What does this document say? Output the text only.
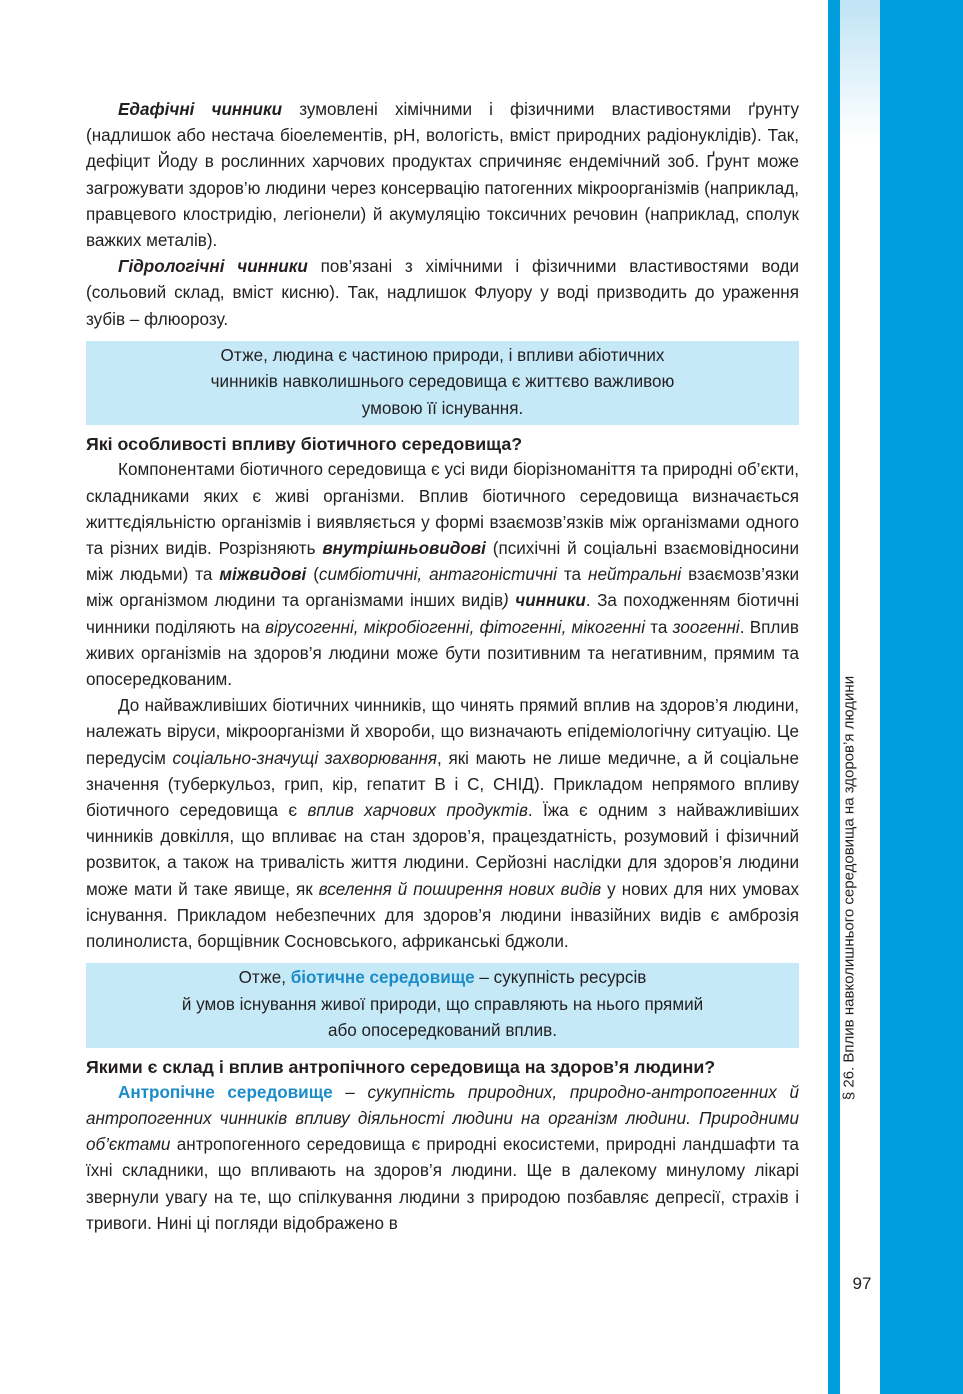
§ 26. Вплив навколишнього середовища на здоров’я людини
97

Едафічні чинники зумовлені хімічними і фізичними властивостями ґрунту (надлишок або нестача біоелементів, pH, вологість, вміст природних радіонуклідів). Так, дефіцит Йоду в рослинних харчових продуктах спричиняє ендемічний зоб. Ґрунт може загрожувати здоров’ю людини через консервацію патогенних мікроорганізмів (наприклад, правцевого клостридію, легіонели) й акумуляцію токсичних речовин (наприклад, сполук важких металів).

Гідрологічні чинники пов’язані з хімічними і фізичними властивостями води (сольовий склад, вміст кисню). Так, надлишок Флуору у воді призводить до ураження зубів – флюорозу.

Отже, людина є частиною природи, і впливи абіотичних
чинників навколишнього середовища є життєво важливою
умовою її існування.
Які особливості впливу біотичного середовища?

Компонентами біотичного середовища є усі види біорізноманіття та природні об’єкти, складниками яких є живі організми. Вплив біотичного середовища визначається життєдіяльністю організмів і виявляється у формі взаємозв’язків між організмами одного та різних видів. Розрізняють внутрішньовидові (психічні й соціальні взаємовідносини між людьми) та міжвидові (симбіотичні, антагоністичні та нейтральні взаємозв’язки між організмом людини та організмами інших видів) чинники. За походженням біотичні чинники поділяють на вірусогенні, мікробіогенні, фітогенні, мікогенні та зоогенні. Вплив живих організмів на здоров’я людини може бути позитивним та негативним, прямим та опосередкованим.

До найважливіших біотичних чинників, що чинять прямий вплив на здоров’я людини, належать віруси, мікроорганізми й хвороби, що визначають епідеміологічну ситуацію. Це передусім соціально-значущі захворювання, які мають не лише медичне, а й соціальне значення (туберкульоз, грип, кір, гепатит B і C, СНІД). Прикладом непрямого впливу біотичного середовища є вплив харчових продуктів. Їжа є одним з найважливіших чинників довкілля, що впливає на стан здоров’я, працездатність, розумовий і фізичний розвиток, а також на тривалість життя людини. Серйозні наслідки для здоров’я людини може мати й таке явище, як вселення й поширення нових видів у нових для них умовах існування. Прикладом небезпечних для здоров’я людини інвазійних видів є амброзія полинолиста, борщівник Сосновського, африканські бджоли.

Отже, біотичне середовище – сукупність ресурсів
й умов існування живої природи, що справляють на нього прямий
або опосередкований вплив.
Якими є склад і вплив антропічного середовища на здоров’я людини?

Антропічне середовище – сукупність природних, природно-антропогенних й антропогенних чинників впливу діяльності людини на організм людини. Природними об’єктами антропогенного середовища є природні екосистеми, природні ландшафти та їхні складники, що впливають на здоров’я людини. Ще в далекому минулому лікарі звернули увагу на те, що спілкування людини з природою позбавляє депресії, страхів і тривоги. Нині ці погляди відображено в
